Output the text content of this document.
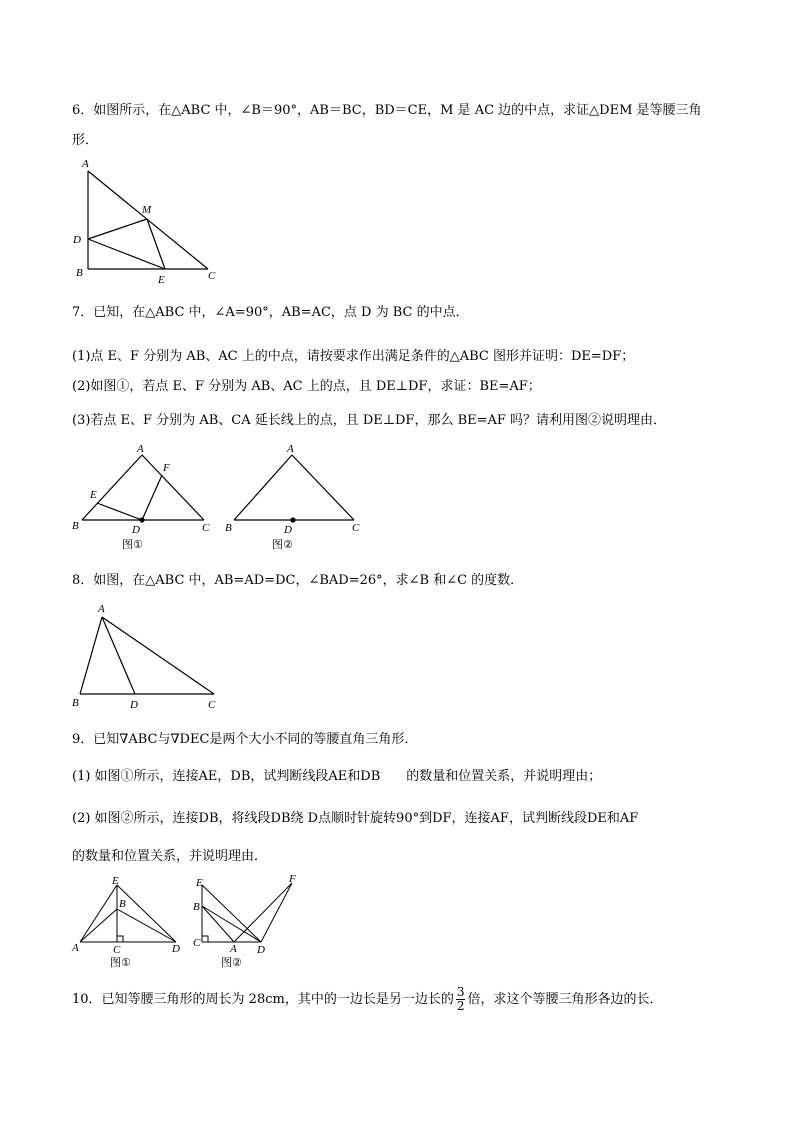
6．如图所示，在△ABC 中，∠B＝90°，AB＝BC，BD＝CE，M 是 AC 边的中点，求证△DEM 是等腰三角
形．
A
M
D
B
E	C
7．已知，在△ABC 中，∠A=90°，AB=AC，点 D 为 BC 的中点．
(1)点 E、F 分别为 AB、AC 上的中点，请按要求作出满足条件的△ABC 图形并证明：DE=DF；
(2)如图①，若点 E、F 分别为 AB、AC 上的点，且 DE⊥DF，求证：BE=AF；
(3)若点 E、F 分别为 AB、CA 延长线上的点，且 DE⊥DF，那么 BE=AF 吗？请利用图②说明理由．
A
F
E
B	D	C
图①
A
B	D	C
图②
8．如图，在△ABC 中，AB=AD=DC，∠BAD=26°，求∠B 和∠C 的度数．
A
B	D	C
9．已知∇ABC与∇DEC是两个大小不同的等腰直角三角形．
(1) 如图①所示，连接AE，DB，试判断线段AE和DB　　的数量和位置关系，并说明理由；
(2) 如图②所示，连接DB，将线段DB绕 D点顺时针旋转90°到DF，连接AF，试判断线段DE和AF
的数量和位置关系，并说明理由．
E
B
A	C	D
图①
E	F
B
C	A D
图②
10．已知等腰三角形的周长为 28cm，其中的一边长是另一边长的 $\frac{3}{2}$ 倍，求这个等腰三角形各边的长．
